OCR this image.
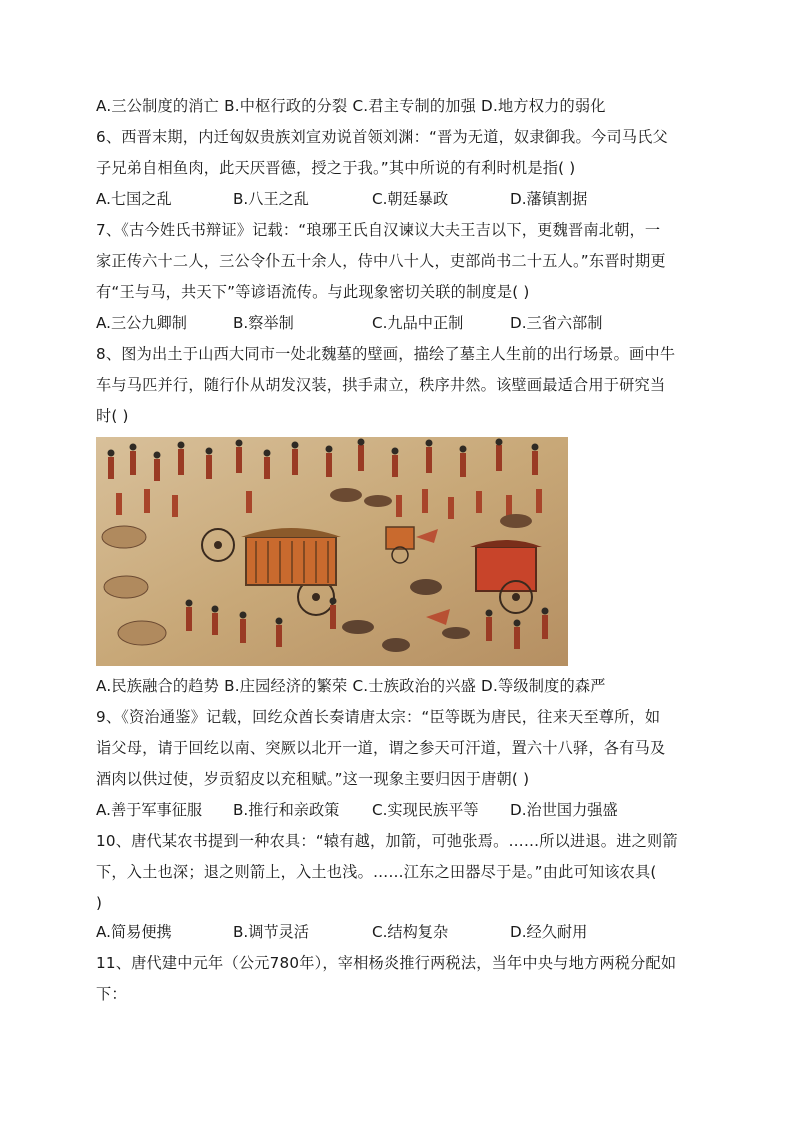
A.三公制度的消亡 B.中枢行政的分裂 C.君主专制的加强 D.地方权力的弱化
6、西晋末期，内迁匈奴贵族刘宣劝说首领刘渊：“晋为无道，奴隶御我。今司马氏父
子兄弟自相鱼肉，此天厌晋德，授之于我。”其中所说的有利时机是指( )
A.七国之乱	B.八王之乱	C.朝廷暴政	D.藩镇割据
7、《古今姓氏书辩证》记载：“琅琊王氏自汉谏议大夫王吉以下，更魏晋南北朝，一
家正传六十二人，三公令仆五十余人，侍中八十人，吏部尚书二十五人。”东晋时期更
有“王与马，共天下”等谚语流传。与此现象密切关联的制度是( )
A.三公九卿制	B.察举制	C.九品中正制	D.三省六部制
8、图为出土于山西大同市一处北魏墓的壁画，描绘了墓主人生前的出行场景。画中牛
车与马匹并行，随行仆从胡发汉装，拱手肃立，秩序井然。该壁画最适合用于研究当
时( )
A.民族融合的趋势 B.庄园经济的繁荣 C.士族政治的兴盛 D.等级制度的森严
9、《资治通鉴》记载，回纥众酋长奏请唐太宗：“臣等既为唐民，往来天至尊所，如
诣父母，请于回纥以南、突厥以北开一道，谓之参天可汗道，置六十八驿，各有马及
酒肉以供过使，岁贡貂皮以充租赋。”这一现象主要归因于唐朝( )
A.善于军事征服 B.推行和亲政策 C.实现民族平等 D.治世国力强盛
10、唐代某农书提到一种农具：“辕有越，加箭，可弛张焉。……所以进退。进之则箭
下，入土也深；退之则箭上，入土也浅。……江东之田器尽于是。”由此可知该农具(
)
A.简易便携	B.调节灵活	C.结构复杂	D.经久耐用
11、唐代建中元年（公元780年），宰相杨炎推行两税法，当年中央与地方两税分配如
下：
